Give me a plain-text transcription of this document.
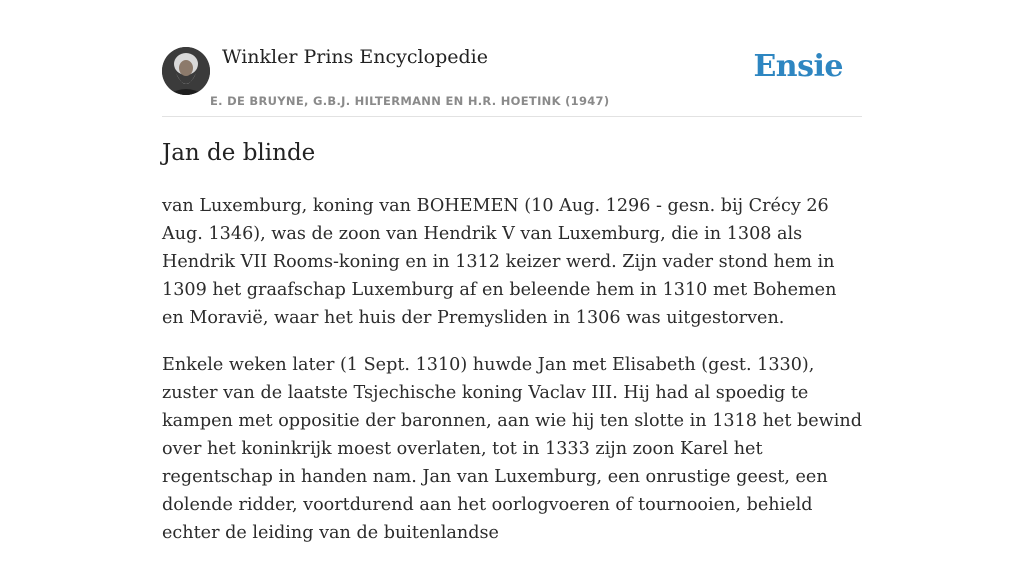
Winkler Prins Encyclopedie
E. DE BRUYNE, G.B.J. HILTERMANN EN H.R. HOETINK (1947)
Ensie
Jan de blinde

van Luxemburg, koning van BOHEMEN (10 Aug. 1296 - gesn. bij Crécy 26 Aug. 1346), was de zoon van Hendrik V van Luxemburg, die in 1308 als Hendrik VII Rooms-koning en in 1312 keizer werd. Zijn vader stond hem in 1309 het graafschap Luxemburg af en beleende hem in 1310 met Bohemen en Moravië, waar het huis der Premysliden in 1306 was uitgestorven.

Enkele weken later (1 Sept. 1310) huwde Jan met Elisabeth (gest. 1330), zuster van de laatste Tsjechische koning Vaclav III. Hij had al spoedig te kampen met oppositie der baronnen, aan wie hij ten slotte in 1318 het bewind over het koninkrijk moest overlaten, tot in 1333 zijn zoon Karel het regentschap in handen nam. Jan van Luxemburg, een onrustige geest, een dolende ridder, voortdurend aan het oorlogvoeren of tournooien, behield echter de leiding van de buitenlandse
